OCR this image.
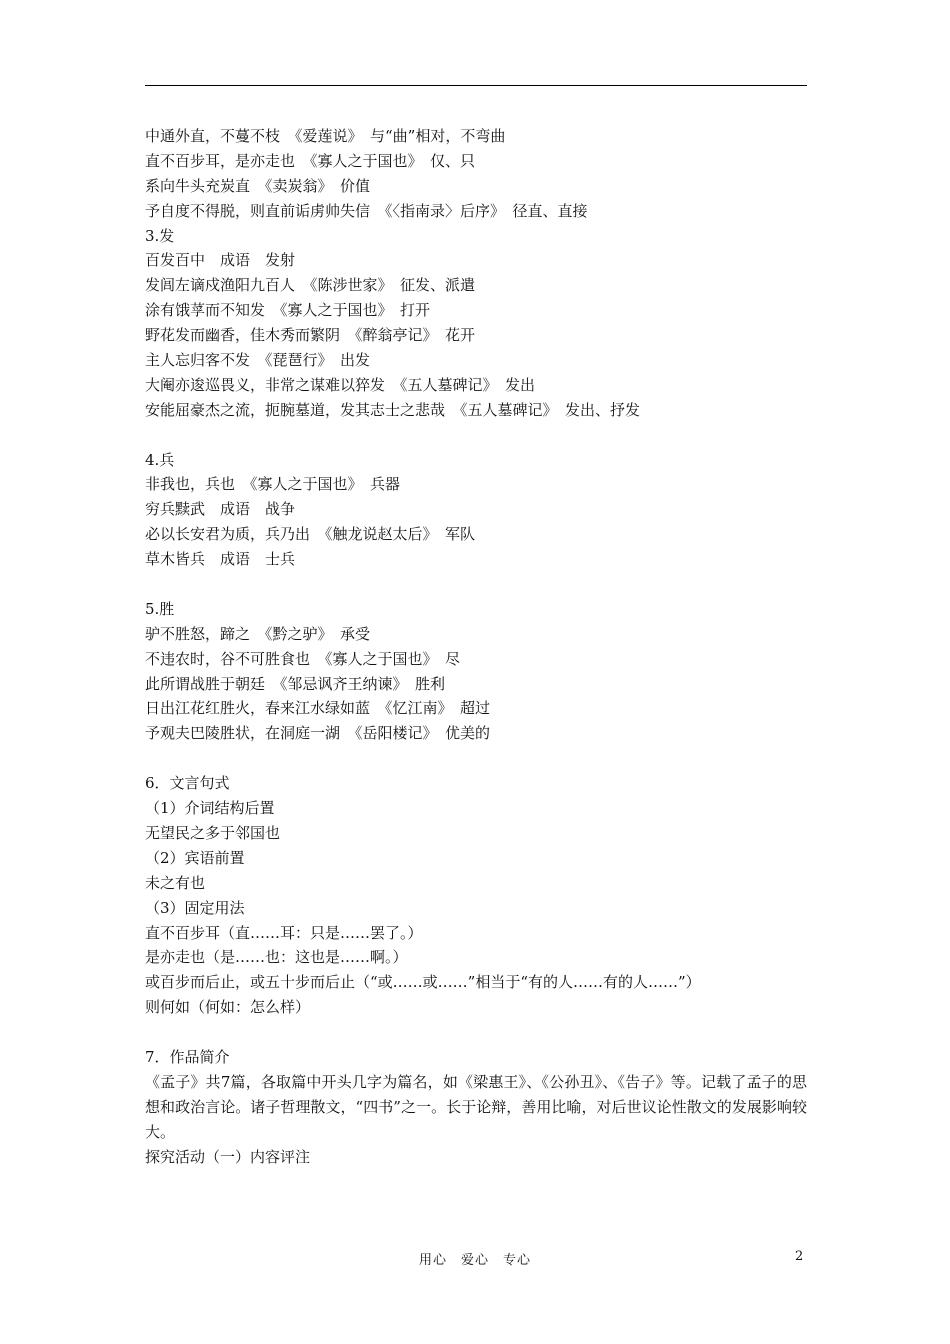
中通外直，不蔓不枝　《爱莲说》　与“曲”相对，不弯曲
直不百步耳，是亦走也　《寡人之于国也》　仅、只
系向牛头充炭直　《卖炭翁》　价值
予自度不得脱，则直前诟虏帅失信　《〈指南录〉后序》　径直、直接
3.发
百发百中　成语　发射
发闾左谪戍渔阳九百人　《陈涉世家》　征发、派遣
涂有饿莩而不知发　《寡人之于国也》　打开
野花发而幽香，佳木秀而繁阴　《醉翁亭记》　花开
主人忘归客不发　《琵琶行》　出发
大阉亦逡巡畏义，非常之谋难以猝发　《五人墓碑记》　发出
安能屈豪杰之流，扼腕墓道，发其志士之悲哉　《五人墓碑记》　发出、抒发
4.兵
非我也，兵也　《寡人之于国也》　兵器
穷兵黩武　成语　战争
必以长安君为质，兵乃出　《触龙说赵太后》　军队
草木皆兵　成语　士兵
5.胜
驴不胜怒，蹄之　《黔之驴》　承受
不违农时，谷不可胜食也　《寡人之于国也》　尽
此所谓战胜于朝廷　《邹忌讽齐王纳谏》　胜利
日出江花红胜火，春来江水绿如蓝　《忆江南》　超过
予观夫巴陵胜状，在洞庭一湖　《岳阳楼记》　优美的
6．文言句式
（1）介词结构后置
无望民之多于邻国也
（2）宾语前置
未之有也
（3）固定用法
直不百步耳（直……耳：只是……罢了。）
是亦走也（是……也：这也是……啊。）
或百步而后止，或五十步而后止（“或……或……”相当于“有的人……有的人……”）
则何如（何如：怎么样）
7．作品简介
《孟子》共7篇，各取篇中开头几字为篇名，如《梁惠王》、《公孙丑》、《告子》等。记载了孟子的思想和政治言论。诸子哲理散文，“四书”之一。长于论辩，善用比喻，对后世议论性散文的发展影响较大。
探究活动（一）内容评注
用心　爱心　专心	2
